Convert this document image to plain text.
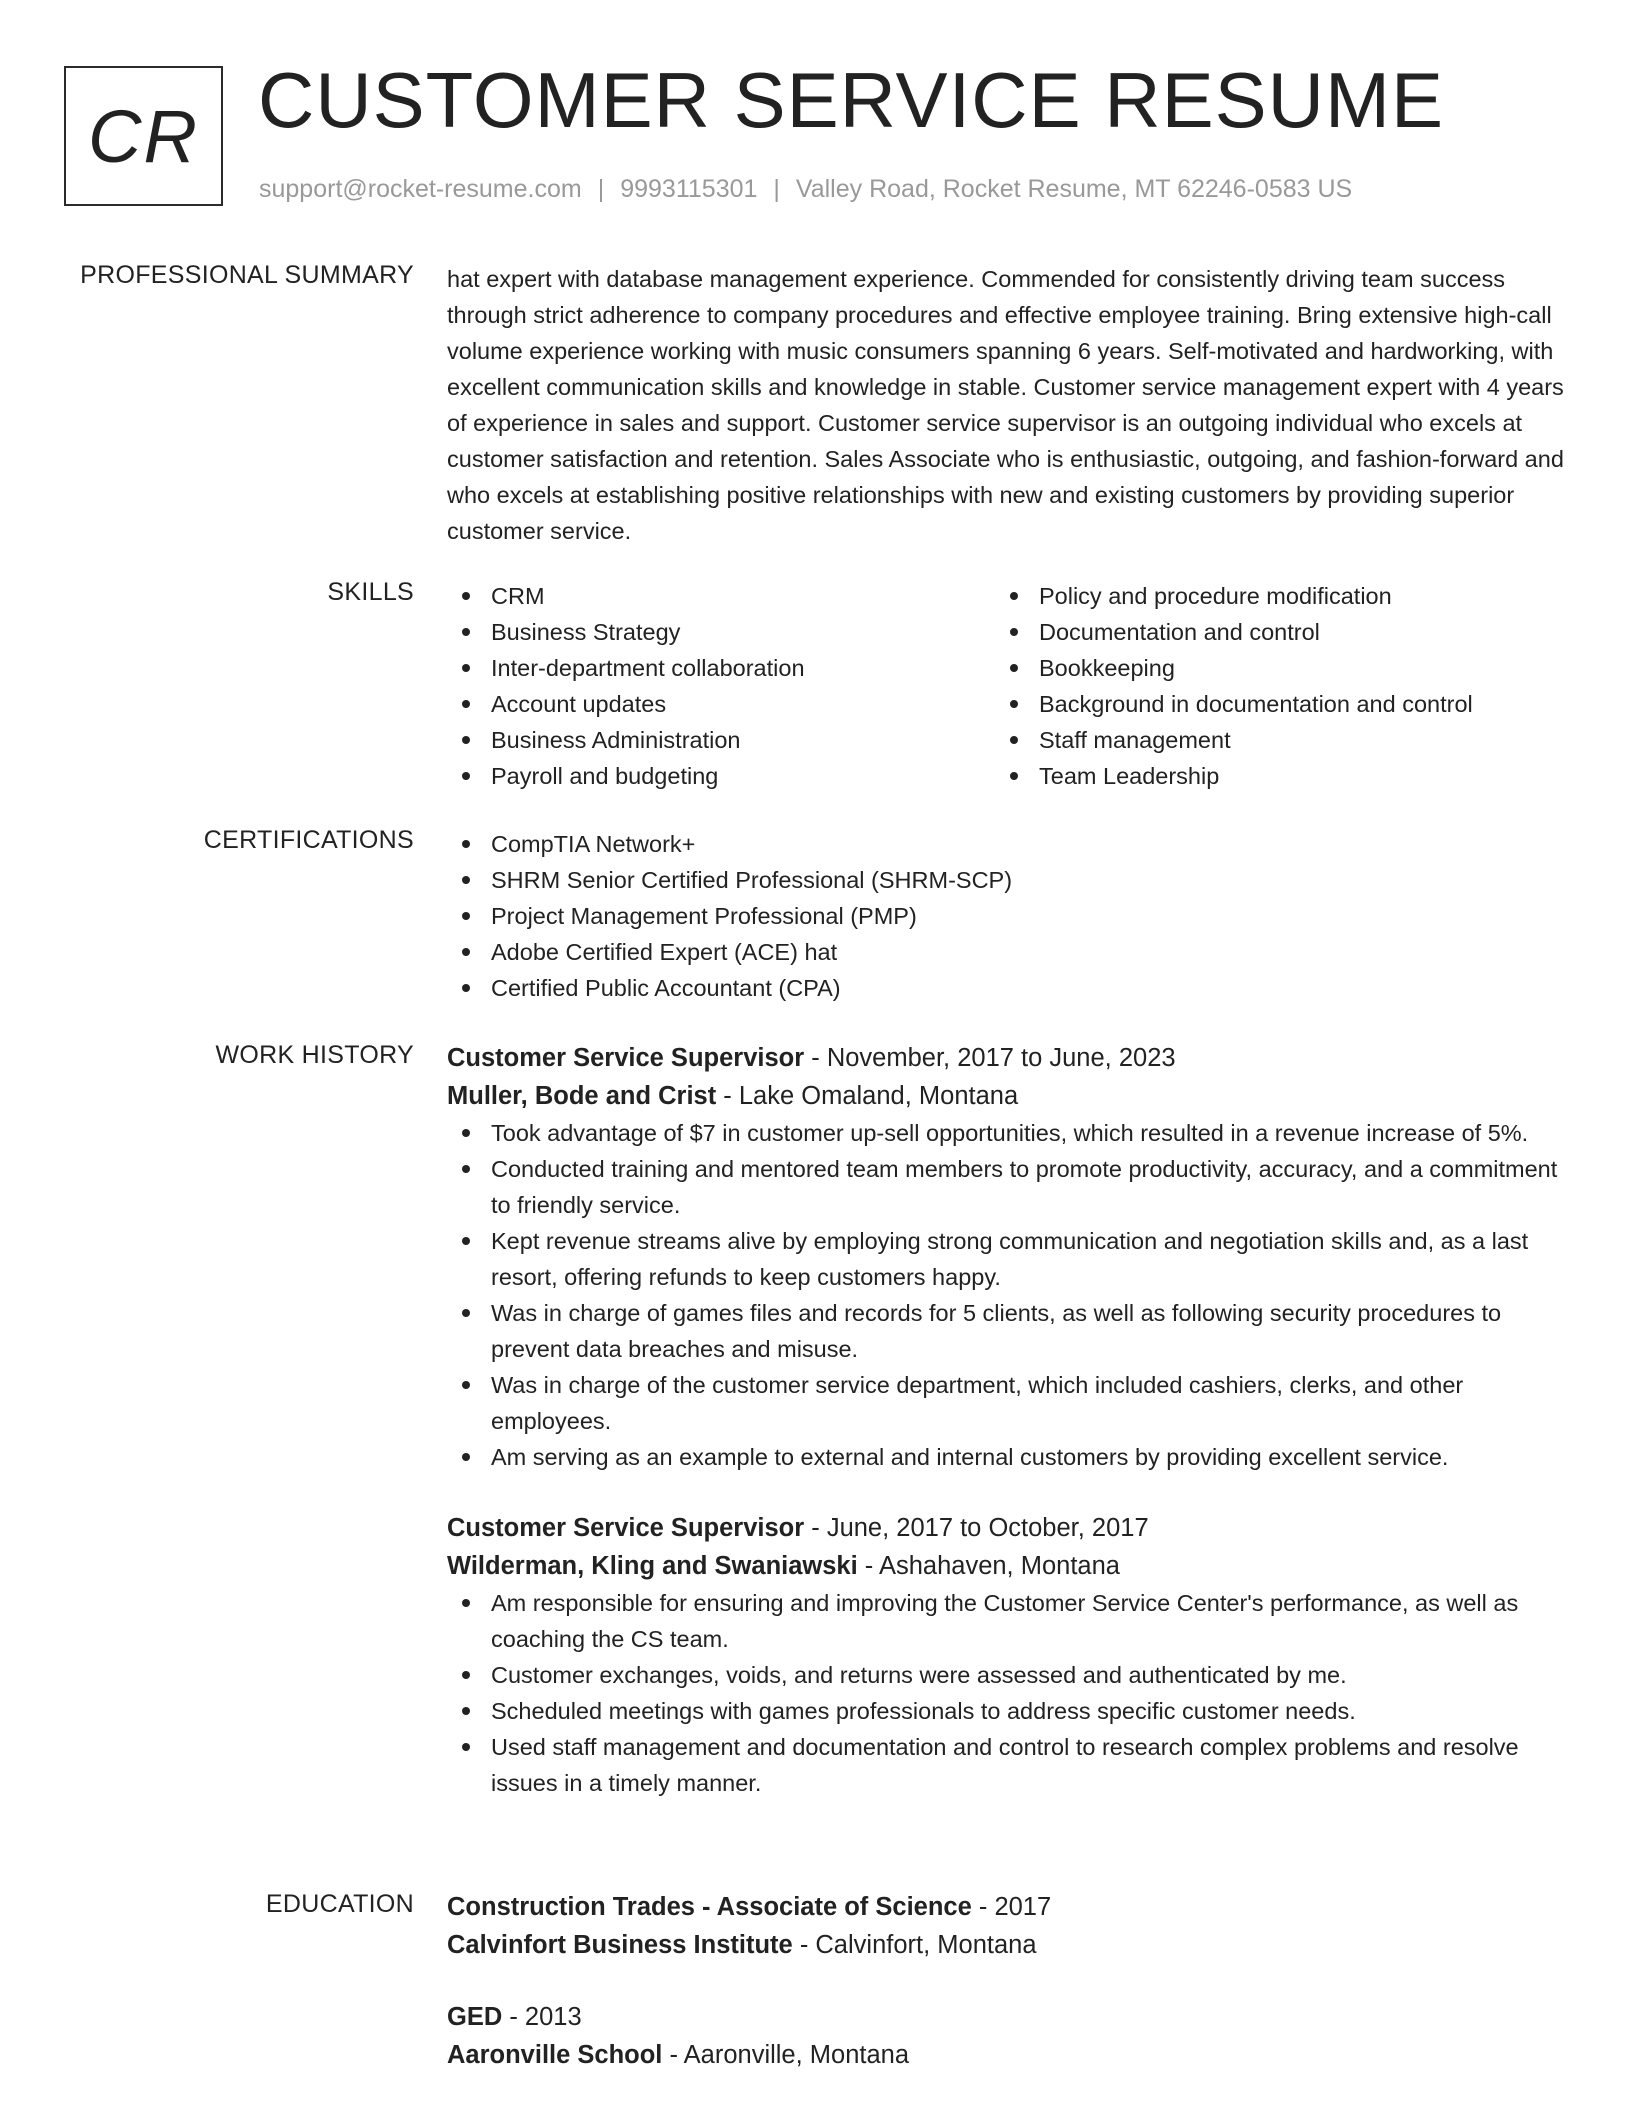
CR CUSTOMER SERVICE RESUME
support@rocket-resume.com | 9993115301 | Valley Road, Rocket Resume, MT 62246-0583 US
PROFESSIONAL SUMMARY hat expert with database management experience. Commended for consistently driving team success through strict adherence to company procedures and effective employee training. Bring extensive high-call volume experience working with music consumers spanning 6 years. Self-motivated and hardworking, with excellent communication skills and knowledge in stable. Customer service management expert with 4 years of experience in sales and support. Customer service supervisor is an outgoing individual who excels at customer satisfaction and retention. Sales Associate who is enthusiastic, outgoing, and fashion-forward and who excels at establishing positive relationships with new and existing customers by providing superior customer service.

SKILLS	CRM
Business Strategy
Inter-department collaboration
Account updates
Business Administration
Payroll and budgeting
Policy and procedure modification
Documentation and control
Bookkeeping
Background in documentation and control
Staff management
Team Leadership
CERTIFICATIONS	CompTIA Network+
SHRM Senior Certified Professional (SHRM-SCP)
Project Management Professional (PMP)
Adobe Certified Expert (ACE) hat
Certified Public Accountant (CPA)
WORK HISTORY Customer Service Supervisor - November, 2017 to June, 2023
Muller, Bode and Crist - Lake Omaland, Montana
Took advantage of $7 in customer up-sell opportunities, which resulted in a revenue increase of 5%.
Conducted training and mentored team members to promote productivity, accuracy, and a commitment to friendly service.
Kept revenue streams alive by employing strong communication and negotiation skills and, as a last resort, offering refunds to keep customers happy.
Was in charge of games files and records for 5 clients, as well as following security procedures to prevent data breaches and misuse.
Was in charge of the customer service department, which included cashiers, clerks, and other employees.
Am serving as an example to external and internal customers by providing excellent service.
Customer Service Supervisor - June, 2017 to October, 2017
Wilderman, Kling and Swaniawski - Ashahaven, Montana
Am responsible for ensuring and improving the Customer Service Center's performance, as well as coaching the CS team.
Customer exchanges, voids, and returns were assessed and authenticated by me.
Scheduled meetings with games professionals to address specific customer needs.
Used staff management and documentation and control to research complex problems and resolve issues in a timely manner.
EDUCATION Construction Trades - Associate of Science - 2017
Calvinfort Business Institute - Calvinfort, Montana
GED - 2013
Aaronville School - Aaronville, Montana
